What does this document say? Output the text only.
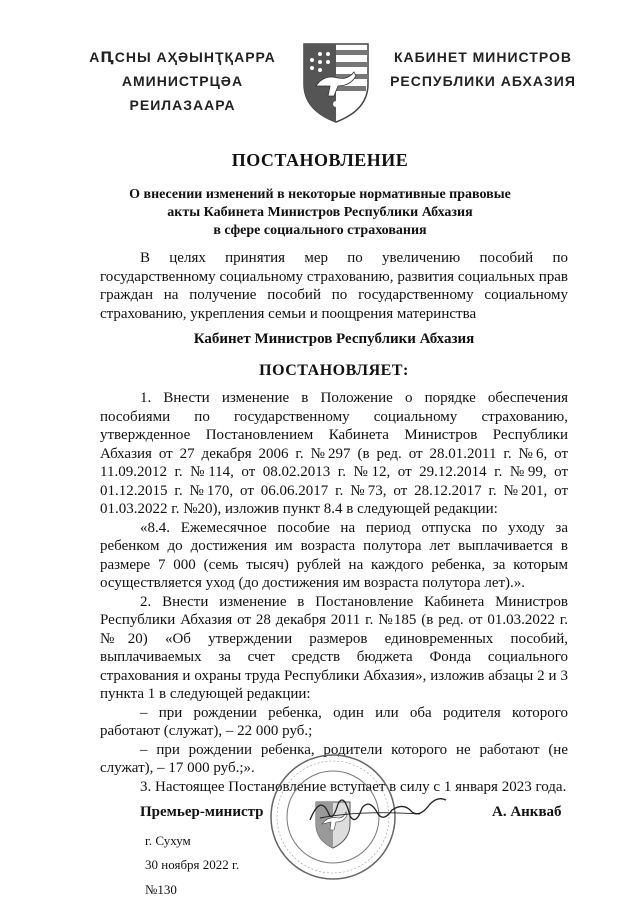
АԤСНЫ АҲӘЫНҬҚАРРА
АМИНИСТРЦӘА РЕИЛАЗААРА
КАБИНЕТ МИНИСТРОВ
РЕСПУБЛИКИ АБХАЗИЯ
ПОСТАНОВЛЕНИЕ
О внесении изменений в некоторые нормативные правовые
акты Кабинета Министров Республики Абхазия
в сфере социального страхования

В целях принятия мер по увеличению пособий по государственному социальному страхованию, развития социальных прав граждан на получение пособий по государственному социальному страхованию, укрепления семьи и поощрения материнства

Кабинет Министров Республики Абхазия
ПОСТАНОВЛЯЕТ:

1. Внести изменение в Положение о порядке обеспечения пособиями по государственному социальному страхованию, утвержденное Постановлением Кабинета Министров Республики Абхазия от 27 декабря 2006 г. №297 (в ред. от 28.01.2011 г. №6, от 11.09.2012 г. №114, от 08.02.2013 г. №12, от 29.12.2014 г. №99, от 01.12.2015 г. №170, от 06.06.2017 г. №73, от 28.12.2017 г. №201, от 01.03.2022 г. №20), изложив пункт 8.4 в следующей редакции:

«8.4. Ежемесячное пособие на период отпуска по уходу за ребенком до достижения им возраста полутора лет выплачивается в размере 7 000 (семь тысяч) рублей на каждого ребенка, за которым осуществляется уход (до достижения им возраста полутора лет).».

2. Внести изменение в Постановление Кабинета Министров Республики Абхазия от 28 декабря 2011 г. №185 (в ред. от 01.03.2022 г. №20) «Об утверждении размеров единовременных пособий, выплачиваемых за счет средств бюджета Фонда социального страхования и охраны труда Республики Абхазия», изложив абзацы 2 и 3 пункта 1 в следующей редакции:

– при рождении ребенка, один или оба родителя которого работают (служат), – 22 000 руб.;

– при рождении ребенка, родители которого не работают (не служат), – 17 000 руб.;».

3. Настоящее Постановление вступает в силу с 1 января 2023 года.

Премьер-министр	А. Анкваб
г. Сухум
30 ноября 2022 г.
№130
